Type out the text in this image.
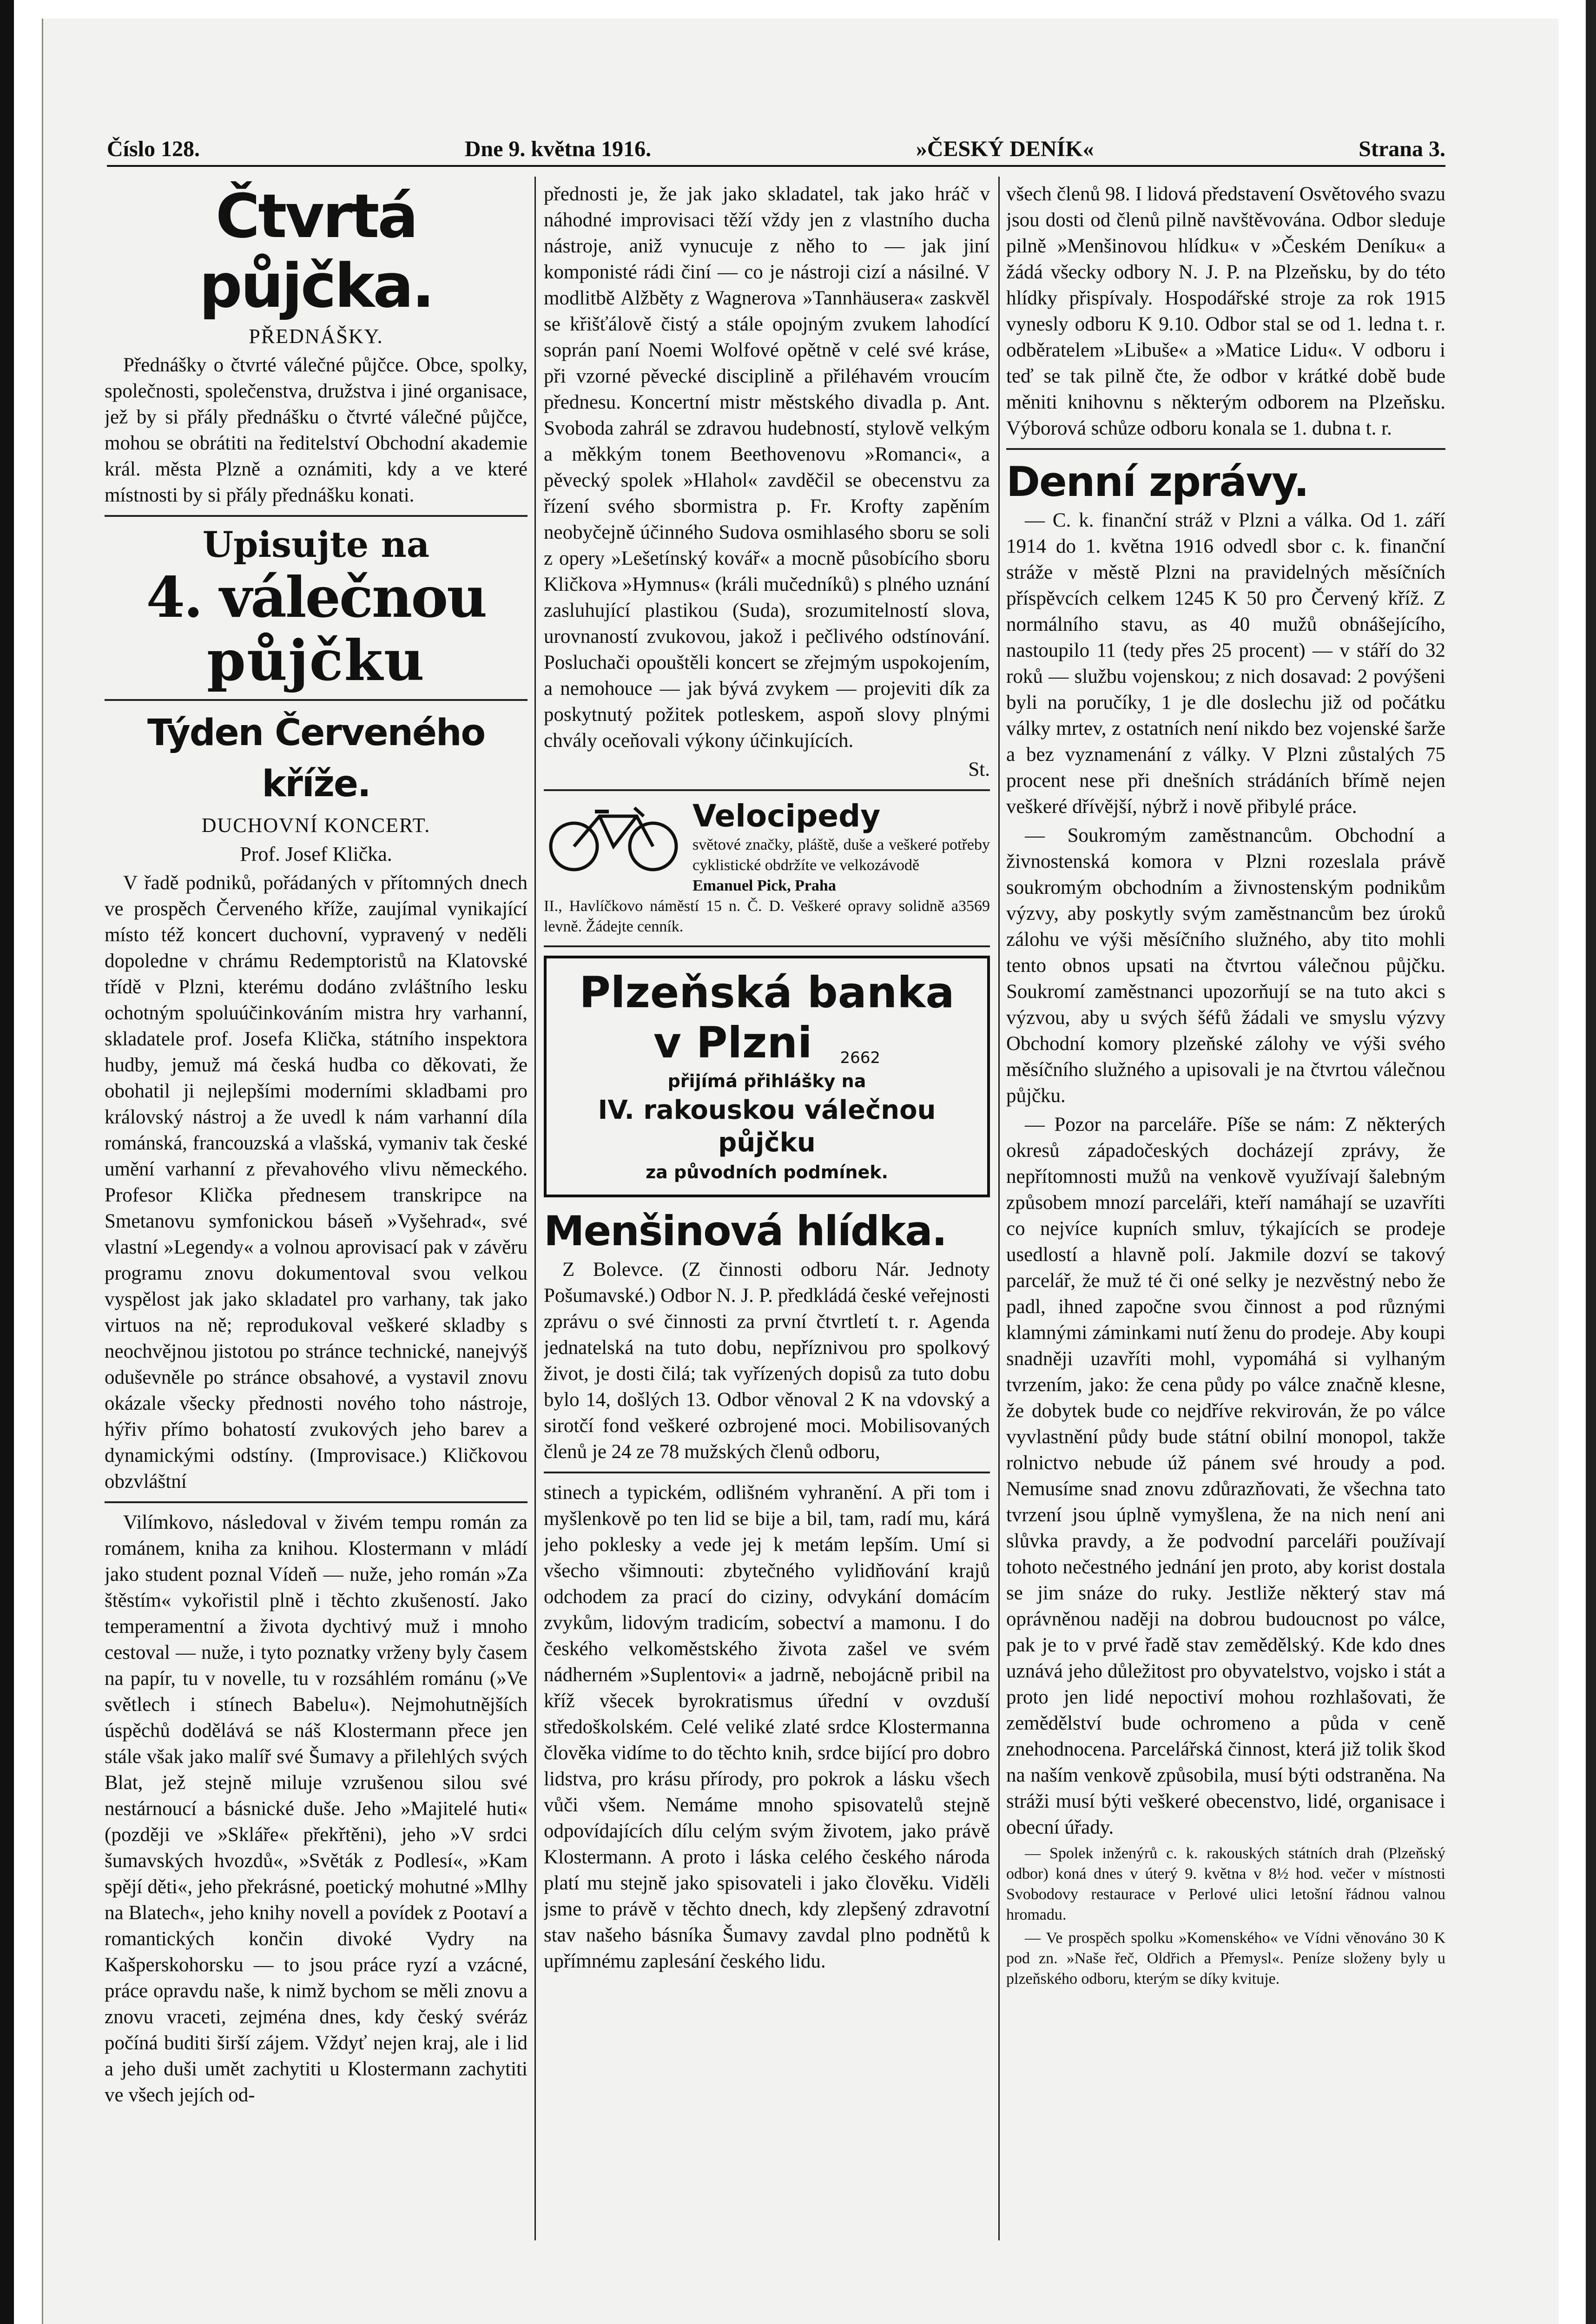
Číslo 128.	Dne 9. května 1916.	»ČESKÝ DENÍK«	Strana 3.
Čtvrtá půjčka.
PŘEDNÁŠKY.

Přednášky o čtvrté válečné půjčce. Obce, spolky, společnosti, společenstva, družstva i jiné organisace, jež by si přály přednášku o čtvrté válečné půjčce, mohou se obrátiti na ředitelství Obchodní akademie král. města Plzně a oznámiti, kdy a ve které místnosti by si přály přednášku konati.

Upisujte na
4. válečnou
půjčku
Týden Červeného kříže.
DUCHOVNÍ KONCERT.
Prof. Josef Klička.

V řadě podniků, pořádaných v přítomných dnech ve prospěch Červeného kříže, zaujímal vynikající místo též koncert duchovní, vypravený v neděli dopoledne v chrámu Redemptoristů na Klatovské třídě v Plzni, kterému dodáno zvláštního lesku ochotným spoluúčinkováním mistra hry varhanní, skladatele prof. Josefa Klička, státního inspektora hudby, jemuž má česká hudba co děkovati, že obohatil ji nejlepšími moderními skladbami pro královský nástroj a že uvedl k nám varhanní díla románská, francouzská a vlašská, vymaniv tak české umění varhanní z převahového vlivu německého. Profesor Klička přednesem transkripce na Smetanovu symfonickou báseň »Vyšehrad«, své vlastní »Legendy« a volnou aprovisací pak v závěru programu znovu dokumentoval svou velkou vyspělost jak jako skladatel pro varhany, tak jako virtuos na ně; reprodukoval veškeré skladby s neochvějnou jistotou po stránce technické, nanejvýš oduševněle po stránce obsahové, a vystavil znovu okázale všecky přednosti nového toho nástroje, hýřiv přímo bohatostí zvukových jeho barev a dynamickými odstíny. (Improvisace.) Kličkovou obzvláštní

Vilímkovo, následoval v živém tempu román za románem, kniha za knihou. Klostermann v mládí jako student poznal Vídeň — nuže, jeho román »Za štěstím« vykořistil plně i těchto zkušeností. Jako temperamentní a života dychtivý muž i mnoho cestoval — nuže, i tyto poznatky vrženy byly časem na papír, tu v novelle, tu v rozsáhlém románu (»Ve světlech i stínech Babelu«). Nejmohutnějších úspěchů dodělává se náš Klostermann přece jen stále však jako malíř své Šumavy a přilehlých svých Blat, jež stejně miluje vzrušenou silou své nestárnoucí a básnické duše. Jeho »Majitelé huti« (později ve »Skláře« překřtěni), jeho »V srdci šumavských hvozdů«, »Světák z Podlesí«, »Kam spějí děti«, jeho překrásné, poetický mohutné »Mlhy na Blatech«, jeho knihy novell a povídek z Pootaví a romantických končin divoké Vydry na Kašperskohorsku — to jsou práce ryzí a vzácné, práce opravdu naše, k nimž bychom se měli znovu a znovu vraceti, zejména dnes, kdy český svéráz počíná buditi širší zájem. Vždyť nejen kraj, ale i lid a jeho duši umět zachytiti u Klostermann zachytiti ve všech jejích od-

přednosti je, že jak jako skladatel, tak jako hráč v náhodné improvisaci těží vždy jen z vlastního ducha nástroje, aniž vynucuje z něho to — jak jiní komponisté rádi činí — co je nástroji cizí a násilné. V modlitbě Alžběty z Wagnerova »Tannhäusera« zaskvěl se křišťálově čistý a stále opojným zvukem lahodící soprán paní Noemi Wolfové opětně v celé své kráse, při vzorné pěvecké disciplině a přiléhavém vroucím přednesu. Koncertní mistr městského divadla p. Ant. Svoboda zahrál se zdravou hudebností, stylově velkým a měkkým tonem Beethovenovu »Romanci«, a pěvecký spolek »Hlahol« zavděčil se obecenstvu za řízení svého sbormistra p. Fr. Krofty zapěním neobyčejně účinného Sudova osmihlasého sboru se soli z opery »Lešetínský kovář« a mocně působícího sboru Kličkova »Hymnus« (králi mučedníků) s plného uznání zasluhující plastikou (Suda), srozumitelností slova, urovnaností zvukovou, jakož i pečlivého odstínování. Posluchači opouštěli koncert se zřejmým uspokojením, a nemohouce — jak bývá zvykem — projeviti dík za poskytnutý požitek potleskem, aspoň slovy plnými chvály oceňovali výkony účinkujících.

St.
Velocipedy
světové značky, pláště, duše a veškeré potřeby cyklistické obdržíte ve velkozávodě
Emanuel Pick, Praha
II., Havlíčkovo náměstí 15 n. Č. D. Veškeré opravy solidně a levně. Žádejte cenník.
3569
Plzeňská banka
v Plzni 2662
přijímá přihlášky na
IV. rakouskou válečnou půjčku
za původních podmínek.
Menšinová hlídka.

Z Bolevce. (Z činnosti odboru Nár. Jednoty Pošumavské.) Odbor N. J. P. předkládá české veřejnosti zprávu o své činnosti za první čtvrtletí t. r. Agenda jednatelská na tuto dobu, nepříznivou pro spolkový život, je dosti čilá; tak vyřízených dopisů za tuto dobu bylo 14, došlých 13. Odbor věnoval 2 K na vdovský a sirotčí fond veškeré ozbrojené moci. Mobilisovaných členů je 24 ze 78 mužských členů odboru,

stinech a typickém, odlišném vyhranění. A při tom i myšlenkově po ten lid se bije a bil, tam, radí mu, kárá jeho poklesky a vede jej k metám lepším. Umí si všecho všimnouti: zbytečného vylidňování krajů odchodem za prací do ciziny, odvykání domácím zvykům, lidovým tradicím, sobectví a mamonu. I do českého velkoměstského života zašel ve svém nádherném »Suplentovi« a jadrně, nebojácně pribil na kříž všecek byrokratismus úřední v ovzduší středoškolském. Celé veliké zlaté srdce Klostermanna člověka vidíme to do těchto knih, srdce bijící pro dobro lidstva, pro krásu přírody, pro pokrok a lásku všech vůči všem. Nemáme mnoho spisovatelů stejně odpovídajících dílu celým svým životem, jako právě Klostermann. A proto i láska celého českého národa platí mu stejně jako spisovateli i jako člověku. Viděli jsme to právě v těchto dnech, kdy zlepšený zdravotní stav našeho básníka Šumavy zavdal plno podnětů k upřímnému zaplesání českého lidu.

všech členů 98. I lidová představení Osvětového svazu jsou dosti od členů pilně navštěvována. Odbor sleduje pilně »Menšinovou hlídku« v »Českém Deníku« a žádá všecky odbory N. J. P. na Plzeňsku, by do této hlídky přispívaly. Hospodářské stroje za rok 1915 vynesly odboru K 9.10. Odbor stal se od 1. ledna t. r. odběratelem »Libuše« a »Matice Lidu«. V odboru i teď se tak pilně čte, že odbor v krátké době bude měniti knihovnu s některým odborem na Plzeňsku. Výborová schůze odboru konala se 1. dubna t. r.

Denní zprávy.

— C. k. finanční stráž v Plzni a válka. Od 1. září 1914 do 1. května 1916 odvedl sbor c. k. finanční stráže v městě Plzni na pravidelných měsíčních příspěvcích celkem 1245 K 50 pro Červený kříž. Z normálního stavu, as 40 mužů obnášejícího, nastoupilo 11 (tedy přes 25 procent) — v stáří do 32 roků — službu vojenskou; z nich dosavad: 2 povýšeni byli na poručíky, 1 je dle doslechu již od počátku války mrtev, z ostatních není nikdo bez vojenské šarže a bez vyznamenání z války. V Plzni zůstalých 75 procent nese při dnešních strádáních břímě nejen veškeré dřívější, nýbrž i nově přibylé práce.

— Soukromým zaměstnancům. Obchodní a živnostenská komora v Plzni rozeslala právě soukromým obchodním a živnostenským podnikům výzvy, aby poskytly svým zaměstnancům bez úroků zálohu ve výši měsíčního služného, aby tito mohli tento obnos upsati na čtvrtou válečnou půjčku. Soukromí zaměstnanci upozorňují se na tuto akci s výzvou, aby u svých šéfů žádali ve smyslu výzvy Obchodní komory plzeňské zálohy ve výši svého měsíčního služného a upisovali je na čtvrtou válečnou půjčku.

— Pozor na parceláře. Píše se nám: Z některých okresů západočeských docházejí zprávy, že nepřítomnosti mužů na venkově využívají šalebným způsobem mnozí parceláři, kteří namáhají se uzavříti co nejvíce kupních smluv, týkajících se prodeje usedlostí a hlavně polí. Jakmile dozví se takový parcelář, že muž té či oné selky je nezvěstný nebo že padl, ihned započne svou činnost a pod různými klamnými záminkami nutí ženu do prodeje. Aby koupi snadněji uzavříti mohl, vypomáhá si vylhaným tvrzením, jako: že cena půdy po válce značně klesne, že dobytek bude co nejdříve rekvirován, že po válce vyvlastnění půdy bude státní obilní monopol, takže rolnictvo nebude úž pánem své hroudy a pod. Nemusíme snad znovu zdůrazňovati, že všechna tato tvrzení jsou úplně vymyšlena, že na nich není ani slůvka pravdy, a že podvodní parceláři používají tohoto nečestného jednání jen proto, aby korist dostala se jim snáze do ruky. Jestliže některý stav má oprávněnou naději na dobrou budoucnost po válce, pak je to v prvé řadě stav zemědělský. Kde kdo dnes uznává jeho důležitost pro obyvatelstvo, vojsko i stát a proto jen lidé nepoctiví mohou rozhlašovati, že zemědělství bude ochromeno a půda v ceně znehodnocena. Parcelářská činnost, která již tolik škod na naším venkově způsobila, musí býti odstraněna. Na stráži musí býti veškeré obecenstvo, lidé, organisace i obecní úřady.

— Spolek inženýrů c. k. rakouských státních drah (Plzeňský odbor) koná dnes v úterý 9. května v 8½ hod. večer v místnosti Svobodovy restaurace v Perlové ulici letošní řádnou valnou hromadu.

— Ve prospěch spolku »Komenského« ve Vídni věnováno 30 K pod zn. »Naše řeč, Oldřich a Přemysl«. Peníze složeny byly u plzeňského odboru, kterým se díky kvituje.
